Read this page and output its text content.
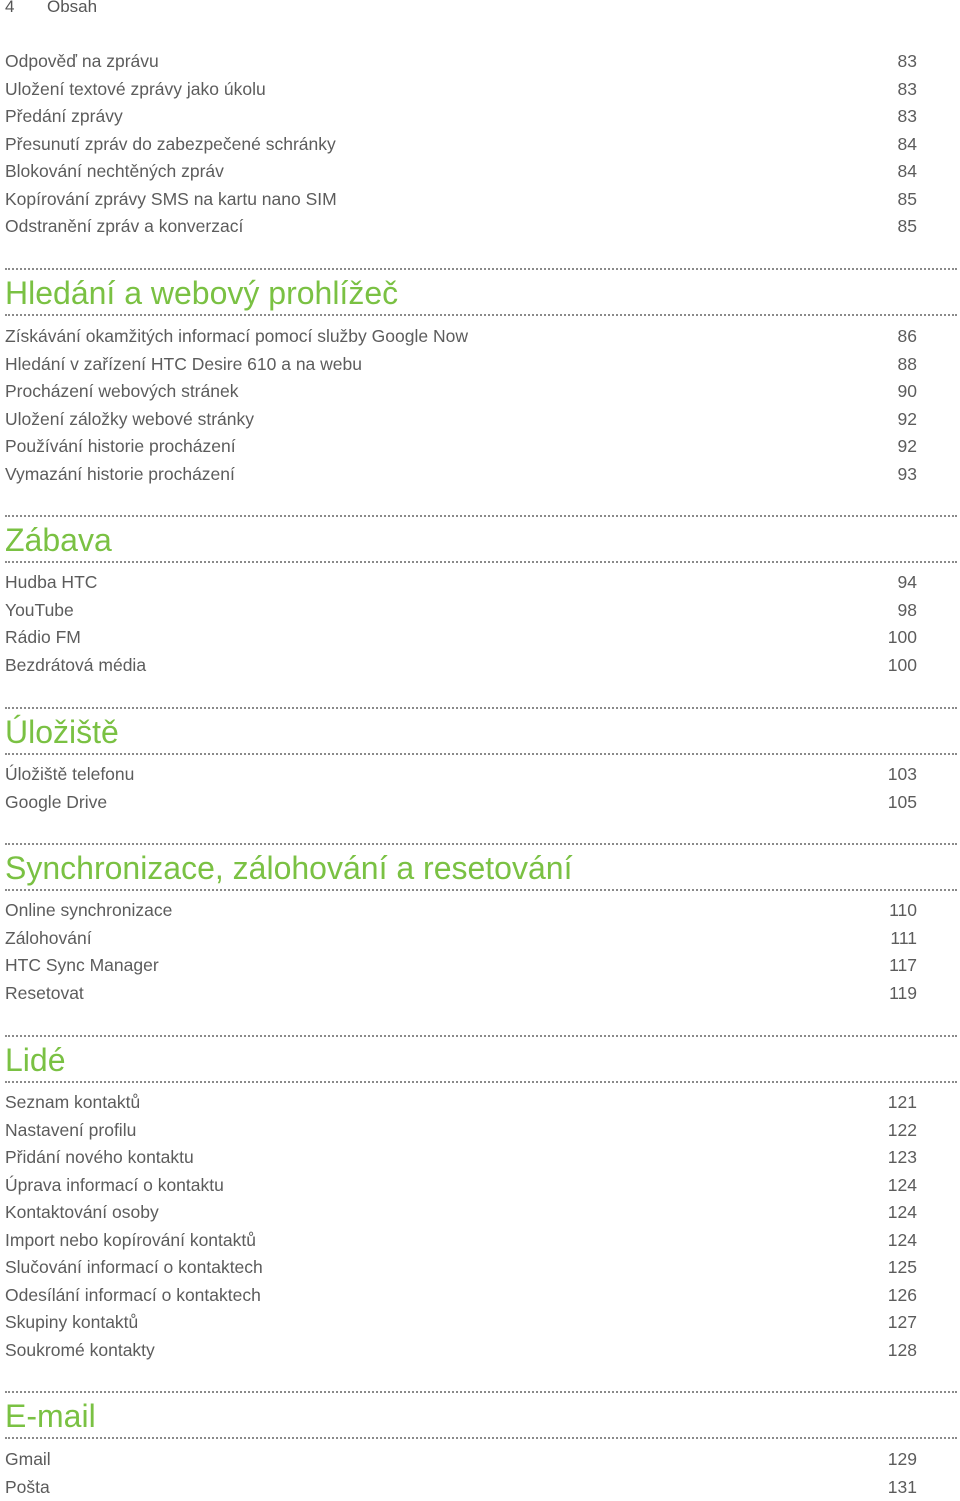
4 Obsah
Odpověď na zprávu	83
Uložení textové zprávy jako úkolu	83
Předání zprávy	83
Přesunutí zpráv do zabezpečené schránky	84
Blokování nechtěných zpráv	84
Kopírování zprávy SMS na kartu nano SIM	85
Odstranění zpráv a konverzací	85
Hledání a webový prohlížeč
Získávání okamžitých informací pomocí služby Google Now	86
Hledání v zařízení HTC Desire 610 a na webu	88
Procházení webových stránek	90
Uložení záložky webové stránky	92
Používání historie procházení	92
Vymazání historie procházení	93
Zábava
Hudba HTC	94
YouTube	98
Rádio FM	100
Bezdrátová média	100
Úložiště
Úložiště telefonu	103
Google Drive	105
Synchronizace, zálohování a resetování
Online synchronizace	110
Zálohování	111
HTC Sync Manager	117
Resetovat	119
Lidé
Seznam kontaktů	121
Nastavení profilu	122
Přidání nového kontaktu	123
Úprava informací o kontaktu	124
Kontaktování osoby	124
Import nebo kopírování kontaktů	124
Slučování informací o kontaktech	125
Odesílání informací o kontaktech	126
Skupiny kontaktů	127
Soukromé kontakty	128
E-mail
Gmail	129
Pošta	131
